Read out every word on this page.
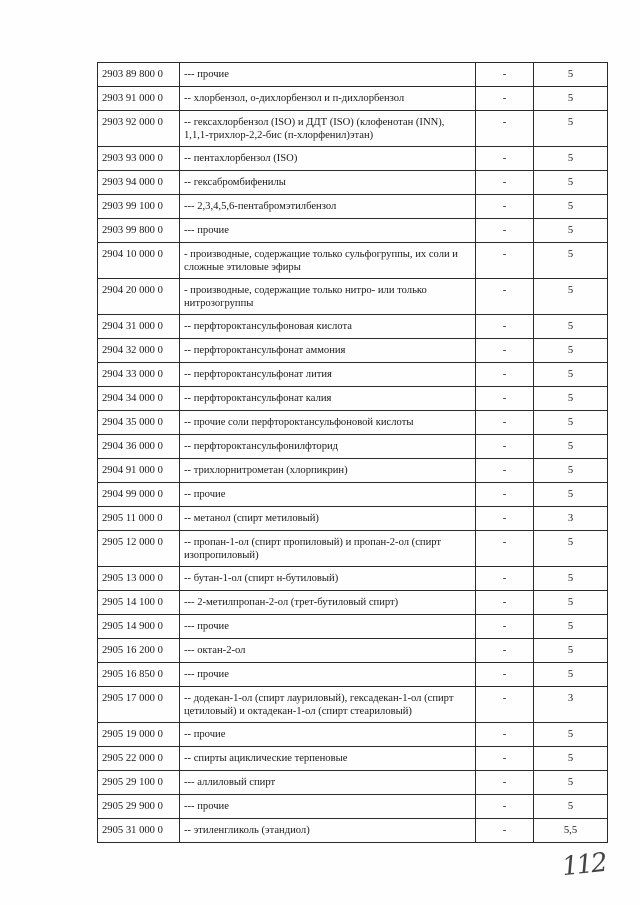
2903 89 800 0	--- прочие	-	5
2903 91 000 0	-- хлорбензол, о-дихлорбензол и п-дихлорбензол	-	5
2903 92 000 0	-- гексахлорбензол (ISO) и ДДТ (ISO) (клофенотан (INN), 1,1,1-трихлор-2,2-бис (п-хлорфенил)этан)	-	5
2903 93 000 0	-- пентахлорбензол (ISO)	-	5
2903 94 000 0	-- гексабромбифенилы	-	5
2903 99 100 0	--- 2,3,4,5,6-пентабромэтилбензол	-	5
2903 99 800 0	--- прочие	-	5
2904 10 000 0	- производные, содержащие только сульфогруппы, их соли и сложные этиловые эфиры	-	5
2904 20 000 0	- производные, содержащие только нитро- или только нитрозогруппы	-	5
2904 31 000 0	-- перфтороктансульфоновая кислота	-	5
2904 32 000 0	-- перфтороктансульфонат аммония	-	5
2904 33 000 0	-- перфтороктансульфонат лития	-	5
2904 34 000 0	-- перфтороктансульфонат калия	-	5
2904 35 000 0	-- прочие соли перфтороктансульфоновой кислоты	-	5
2904 36 000 0	-- перфтороктансульфонилфторид	-	5
2904 91 000 0	-- трихлорнитрометан (хлорпикрин)	-	5
2904 99 000 0	-- прочие	-	5
2905 11 000 0	-- метанол (спирт метиловый)	-	3
2905 12 000 0	-- пропан-1-ол (спирт пропиловый) и пропан-2-ол (спирт изопропиловый)	-	5
2905 13 000 0	-- бутан-1-ол (спирт н-бутиловый)	-	5
2905 14 100 0	--- 2-метилпропан-2-ол (трет-бутиловый спирт)	-	5
2905 14 900 0	--- прочие	-	5
2905 16 200 0	--- октан-2-ол	-	5
2905 16 850 0	--- прочие	-	5
2905 17 000 0	-- додекан-1-ол (спирт лауриловый), гексадекан-1-ол (спирт цетиловый) и октадекан-1-ол (спирт стеариловый)	-	3
2905 19 000 0	-- прочие	-	5
2905 22 000 0	-- спирты ациклические терпеновые	-	5
2905 29 100 0	--- аллиловый спирт	-	5
2905 29 900 0	--- прочие	-	5
2905 31 000 0	-- этиленгликоль (этандиол)	-	5,5
112
